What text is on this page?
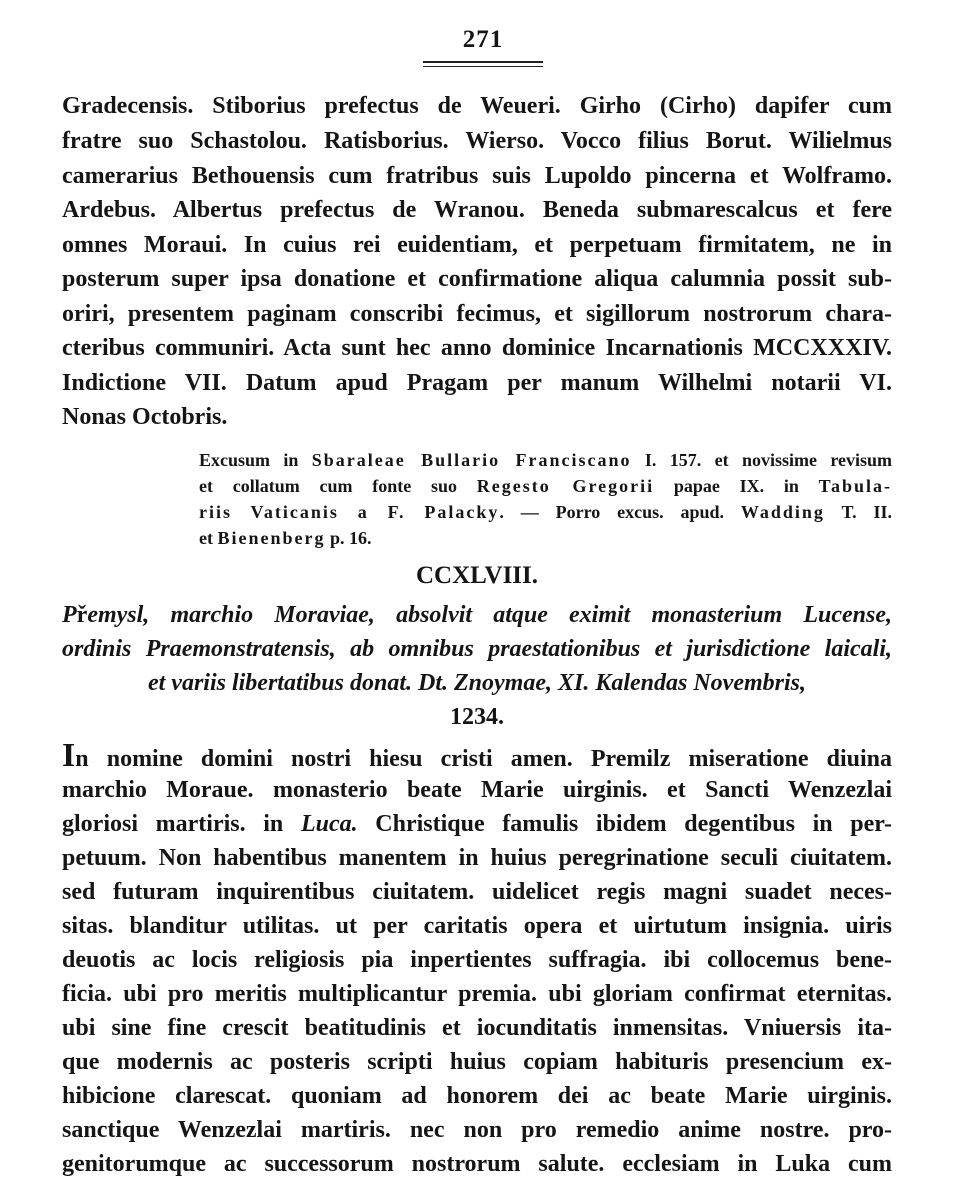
271
Gradecensis. Stiborius prefectus de Weueri. Girho (Cirho) dapifer cum
fratre suo Schastolou. Ratisborius. Wierso. Vocco filius Borut. Wilielmus
camerarius Bethouensis cum fratribus suis Lupoldo pincerna et Wolframo.
Ardebus. Albertus prefectus de Wranou. Beneda submarescalcus et fere
omnes Moraui. In cuius rei euidentiam, et perpetuam firmitatem, ne in
posterum super ipsa donatione et confirmatione aliqua calumnia possit sub-
oriri, presentem paginam conscribi fecimus, et sigillorum nostrorum chara-
cteribus communiri. Acta sunt hec anno dominice Incarnationis MCCXXXIV.
Indictione VII. Datum apud Pragam per manum Wilhelmi notarii VI.
Nonas Octobris.
Excusum in Sbaraleae Bullario Franciscano I. 157. et novissime revisum
et collatum cum fonte suo Regesto Gregorii papae IX. in Tabula-
riis Vaticanis a F. Palacky. — Porro excus. apud. Wadding T. II.
et Bienenberg p. 16.
CCXLVIII.
Přemysl, marchio Moraviae, absolvit atque eximit monasterium Lucense,
ordinis Praemonstratensis, ab omnibus praestationibus et jurisdictione laicali,
et variis libertatibus donat. Dt. Znoymae, XI. Kalendas Novembris,
1234.
In nomine domini nostri hiesu cristi amen. Premilz miseratione diuina
marchio Moraue. monasterio beate Marie uirginis. et Sancti Wenzezlai
gloriosi martiris. in Luca. Christique famulis ibidem degentibus in per-
petuum. Non habentibus manentem in huius peregrinatione seculi ciuitatem.
sed futuram inquirentibus ciuitatem. uidelicet regis magni suadet neces-
sitas. blanditur utilitas. ut per caritatis opera et uirtutum insignia. uiris
deuotis ac locis religiosis pia inpertientes suffragia. ibi collocemus bene-
ficia. ubi pro meritis multiplicantur premia. ubi gloriam confirmat eternitas.
ubi sine fine crescit beatitudinis et iocunditatis inmensitas. Vniuersis ita-
que modernis ac posteris scripti huius copiam habituris presencium ex-
hibicione clarescat. quoniam ad honorem dei ac beate Marie uirginis.
sanctique Wenzezlai martiris. nec non pro remedio anime nostre. pro-
genitorumque ac successorum nostrorum salute. ecclesiam in Luka cum
